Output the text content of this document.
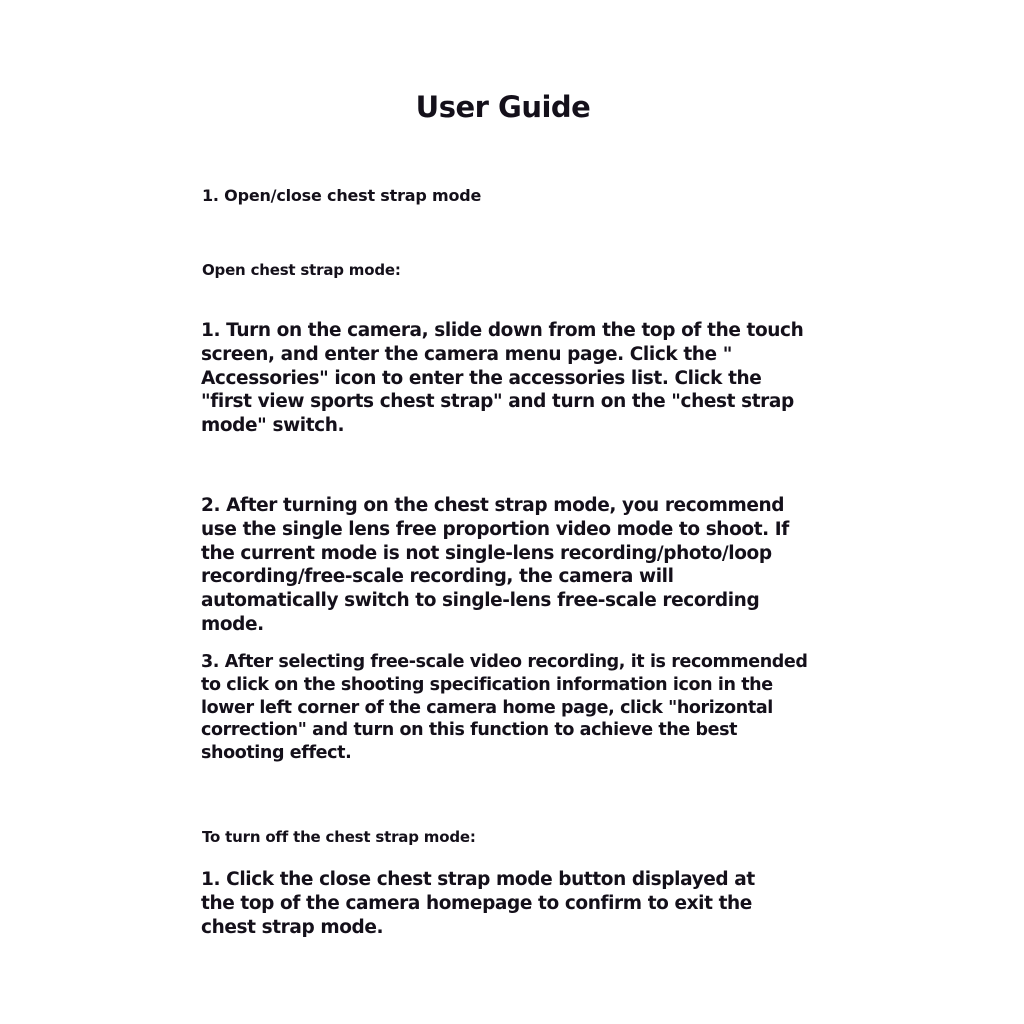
User Guide
1. Open/close chest strap mode
Open chest strap mode:

1. Turn on the camera, slide down from the top of the touch screen, and enter the camera menu page. Click the " Accessories" icon to enter the accessories list. Click the "first view sports chest strap" and turn on the "chest strap mode" switch.

2. After turning on the chest strap mode, you recommend use the single lens free proportion video mode to shoot. If the current mode is not single-lens recording/photo/loop recording/free-scale recording, the camera will automatically switch to single-lens free-scale recording mode.

3. After selecting free-scale video recording, it is recommended to click on the shooting specification information icon in the lower left corner of the camera home page, click "horizontal correction" and turn on this function to achieve the best shooting effect.

To turn off the chest strap mode:

1. Click the close chest strap mode button displayed at the top of the camera homepage to confirm to exit the chest strap mode.
